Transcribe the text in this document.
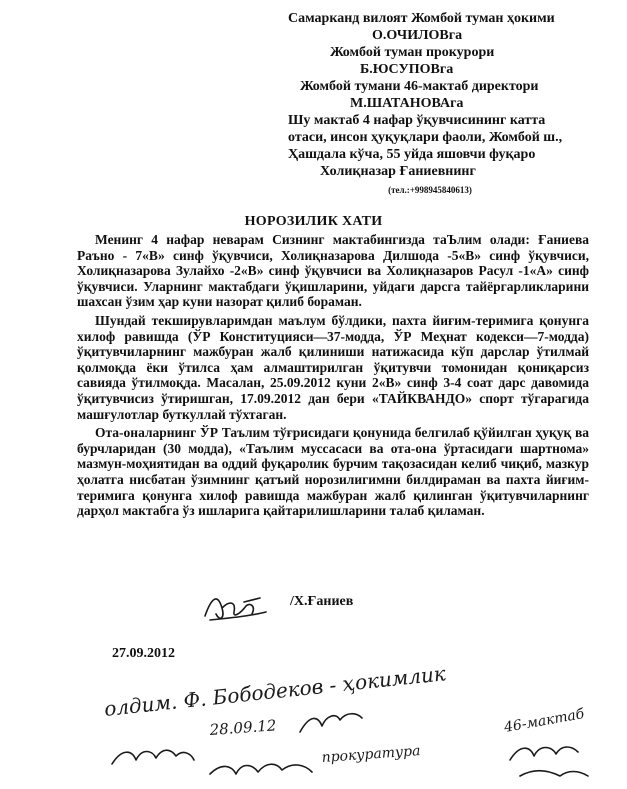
Самарканд вилоят Жомбой туман ҳокими
О.ОЧИЛОВга
Жомбой туман прокурори
Б.ЮСУПОВга
Жомбой тумани 46-мактаб директори
М.ШАТАНОВАга
Шу мактаб 4 нафар ўқувчисининг катта
отаси, инсон ҳуқуқлари фаоли, Жомбой ш.,
Ҳашдала кўча, 55 уйда яшовчи фуқаро
Холиқназар Ғаниевнинг
(тел.:+998945840613)
НОРОЗИЛИК ХАТИ

Менинг 4 нафар неварам Сизнинг мактабингизда таЪлим олади: Ғаниева Раъно - 7«В» синф ўқувчиси, Холиқназарова Дилшода -5«В» синф ўқувчиси, Холиқназарова Зулайхо -2«В» синф ўқувчиси ва Холиқназаров Расул -1«А» синф ўқувчиси. Уларнинг мактабдаги ўқишларини, уйдаги дарсга тайёргарликларини шахсан ўзим ҳар куни назорат қилиб бораман.

Шундай текширувларимдан маълум бўлдики, пахта йиғим-теримига қонунга хилоф равишда (ЎР Конституцияси—37-модда, ЎР Меҳнат кодекси—7-модда) ўқитувчиларнинг мажбуран жалб қилиниши натижасида кўп дарслар ўтилмай қолмоқда ёки ўтилса ҳам алмаштирилган ўқитувчи томонидан қониқарсиз савияда ўтилмоқда. Масалан, 25.09.2012 куни 2«В» синф 3-4 соат дарс давомида ўқитувчисиз ўтиришган, 17.09.2012 дан бери «ТАЙКВАНДО» спорт тўгарагида машғулотлар буткуллай тўхтаган.

Ота-оналарнинг ЎР Таълим тўғрисидаги қонунида белгилаб қўйилган ҳуқуқ ва бурчларидан (30 модда), «Таълим муссасаси ва ота-она ўртасидаги шартнома» мазмун-моҳиятидан ва оддий фуқаролик бурчим тақозасидан келиб чиқиб, мазкур ҳолатга нисбатан ўзимнинг қатъий норозилигимни билдираман ва пахта йиғим-теримига қонунга хилоф равишда мажбуран жалб қилинган ўқитувчиларнинг дарҳол мактабга ўз ишларига қайтарилишларини талаб қиламан.

/Х.Ғаниев
27.09.2012
олдим. Ф. Бободеков - ҳокимлик
28.09.12
прокуратура
46-мактаб
